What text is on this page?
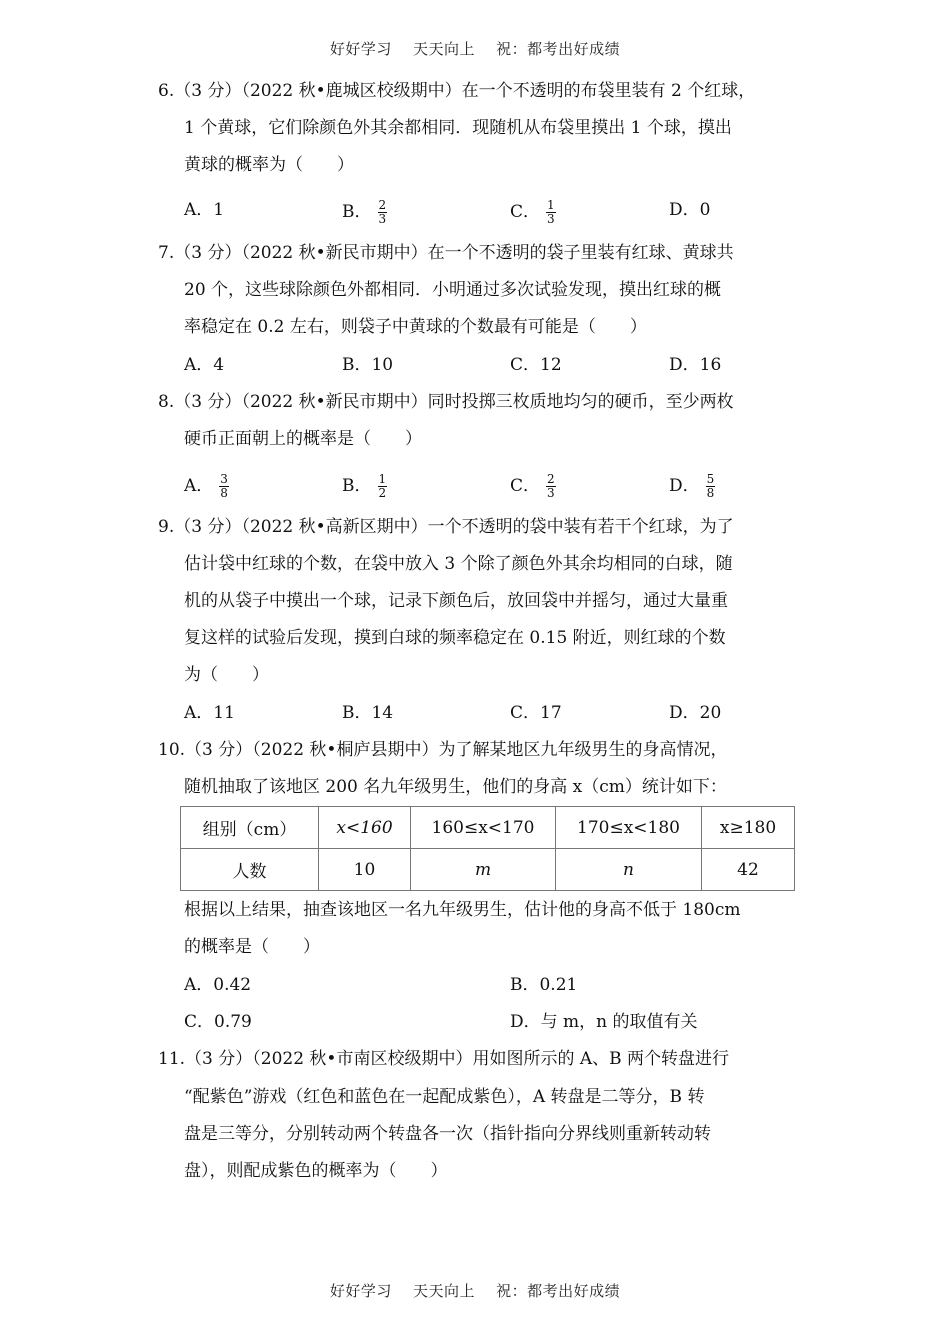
好好学习    天天向上    祝：都考出好成绩
6.（3 分）（2022 秋•鹿城区校级期中）在一个不透明的布袋里装有 2 个红球，
1 个黄球，它们除颜色外其余都相同．现随机从布袋里摸出 1 个球，摸出
黄球的概率为（　　）
A．1	B． $\frac{2}{3}$	C． $\frac{1}{3}$	D．0
7.（3 分）（2022 秋•新民市期中）在一个不透明的袋子里装有红球、黄球共
20 个，这些球除颜色外都相同．小明通过多次试验发现，摸出红球的概
率稳定在 0.2 左右，则袋子中黄球的个数最有可能是（　　）
A．4	B．10	C．12	D．16
8.（3 分）（2022 秋•新民市期中）同时投掷三枚质地均匀的硬币，至少两枚
硬币正面朝上的概率是（　　）
A． $\frac{3}{8}$	B． $\frac{1}{2}$	C． $\frac{2}{3}$	D． $\frac{5}{8}$
9.（3 分）（2022 秋•高新区期中）一个不透明的袋中装有若干个红球，为了
估计袋中红球的个数，在袋中放入 3 个除了颜色外其余均相同的白球，随
机的从袋子中摸出一个球，记录下颜色后，放回袋中并摇匀，通过大量重
复这样的试验后发现，摸到白球的频率稳定在 0.15 附近，则红球的个数
为（　　）
A．11	B．14	C．17	D．20
10.（3 分）（2022 秋•桐庐县期中）为了解某地区九年级男生的身高情况，
随机抽取了该地区 200 名九年级男生，他们的身高 x（cm）统计如下：
组别（cm）	x<160	160≤x<170	170≤x<180	x≥180
人数	10	m	n	42
根据以上结果，抽查该地区一名九年级男生，估计他的身高不低于 180cm
的概率是（　　）
A．0.42	B．0.21
C．0.79	D．与 m，n 的取值有关
11.（3 分）（2022 秋•市南区校级期中）用如图所示的 A、B 两个转盘进行
“配紫色”游戏（红色和蓝色在一起配成紫色），A 转盘是二等分，B 转
盘是三等分，分别转动两个转盘各一次（指针指向分界线则重新转动转
盘），则配成紫色的概率为（　　）
好好学习    天天向上    祝：都考出好成绩
